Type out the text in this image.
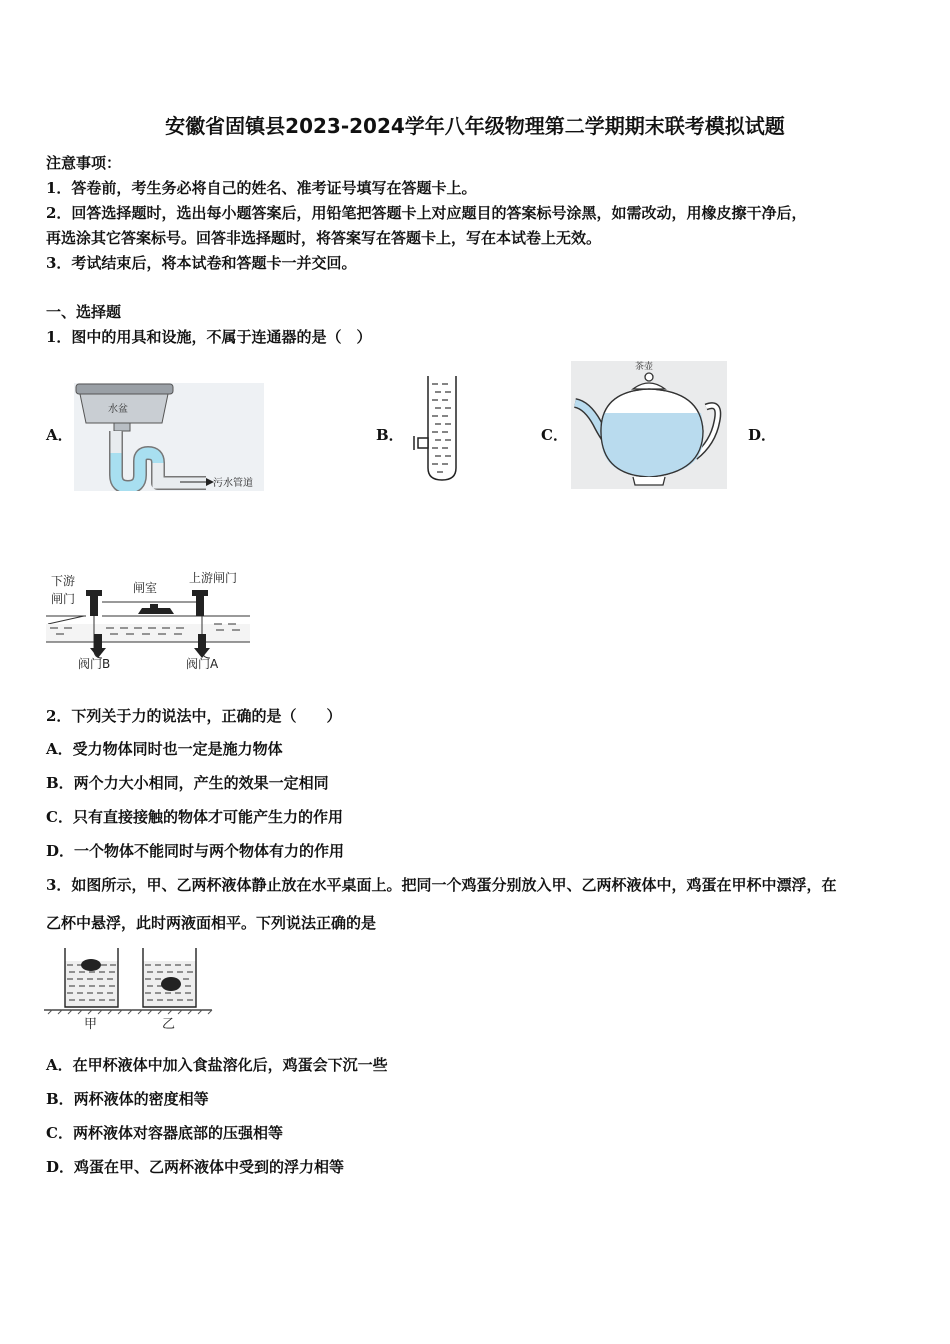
安徽省固镇县2023-2024学年八年级物理第二学期期末联考模拟试题
注意事项：
1．答卷前，考生务必将自己的姓名、准考证号填写在答题卡上。
2．回答选择题时，选出每小题答案后，用铅笔把答题卡上对应题目的答案标号涂黑，如需改动，用橡皮擦干净后，
再选涂其它答案标号。回答非选择题时，将答案写在答题卡上，写在本试卷上无效。
3．考试结束后，将本试卷和答题卡一并交回。
一、选择题
1．图中的用具和设施，不属于连通器的是（　）
A．	B．	C．	D．
水盆
污水管道
茶壶
下游
闸门
闸室
上游闸门
阀门B	阀门A
2．下列关于力的说法中，正确的是（　　）
A．受力物体同时也一定是施力物体
B．两个力大小相同，产生的效果一定相同
C．只有直接接触的物体才可能产生力的作用
D．一个物体不能同时与两个物体有力的作用
3．如图所示，甲、乙两杯液体静止放在水平桌面上。把同一个鸡蛋分别放入甲、乙两杯液体中，鸡蛋在甲杯中漂浮，在
乙杯中悬浮，此时两液面相平。下列说法正确的是
甲	乙
A．在甲杯液体中加入食盐溶化后，鸡蛋会下沉一些
B．两杯液体的密度相等
C．两杯液体对容器底部的压强相等
D．鸡蛋在甲、乙两杯液体中受到的浮力相等
